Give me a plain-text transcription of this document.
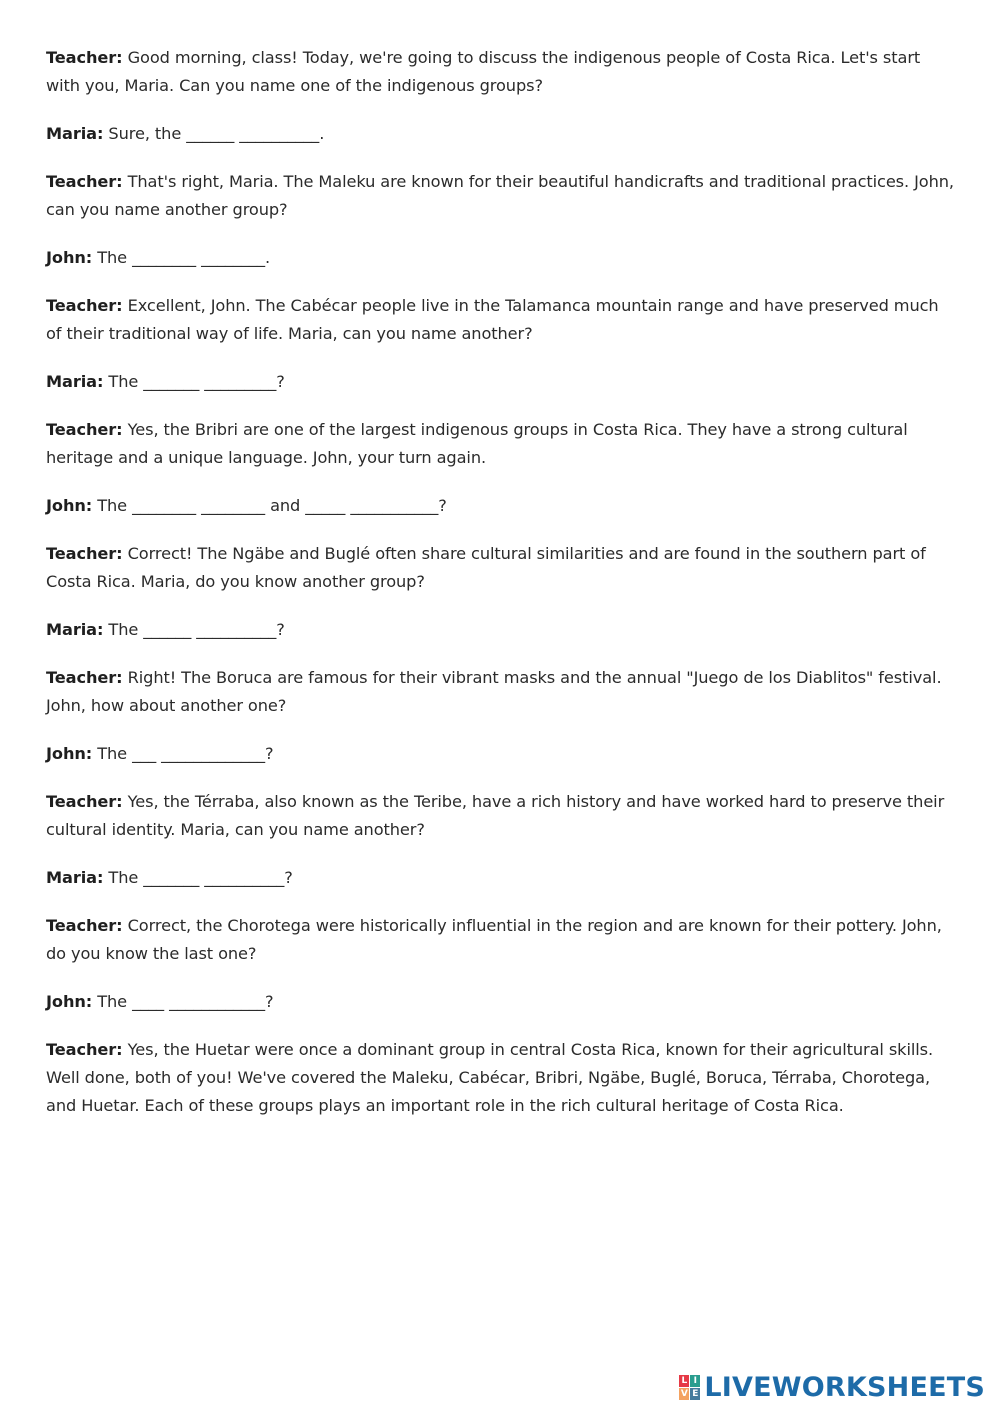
Teacher: Good morning, class! Today, we're going to discuss the indigenous people of Costa Rica. Let's start with you, Maria. Can you name one of the indigenous groups?

Maria: Sure, the ______ __________.

Teacher: That's right, Maria. The Maleku are known for their beautiful handicrafts and traditional practices. John, can you name another group?

John: The ________ ________.

Teacher: Excellent, John. The Cabécar people live in the Talamanca mountain range and have preserved much of their traditional way of life. Maria, can you name another?

Maria: The _______ _________?

Teacher: Yes, the Bribri are one of the largest indigenous groups in Costa Rica. They have a strong cultural heritage and a unique language. John, your turn again.

John: The ________ ________ and _____ ___________?

Teacher: Correct! The Ngäbe and Buglé often share cultural similarities and are found in the southern part of Costa Rica. Maria, do you know another group?

Maria: The ______ __________?

Teacher: Right! The Boruca are famous for their vibrant masks and the annual "Juego de los Diablitos" festival. John, how about another one?

John: The ___ _____________?

Teacher: Yes, the Térraba, also known as the Teribe, have a rich history and have worked hard to preserve their cultural identity. Maria, can you name another?

Maria: The _______ __________?

Teacher: Correct, the Chorotega were historically influential in the region and are known for their pottery. John, do you know the last one?

John: The ____ ____________?

Teacher: Yes, the Huetar were once a dominant group in central Costa Rica, known for their agricultural skills. Well done, both of you! We've covered the Maleku, Cabécar, Bribri, Ngäbe, Buglé, Boruca, Térraba, Chorotega, and Huetar. Each of these groups plays an important role in the rich cultural heritage of Costa Rica.

L I
V E LIVEWORKSHEETS
